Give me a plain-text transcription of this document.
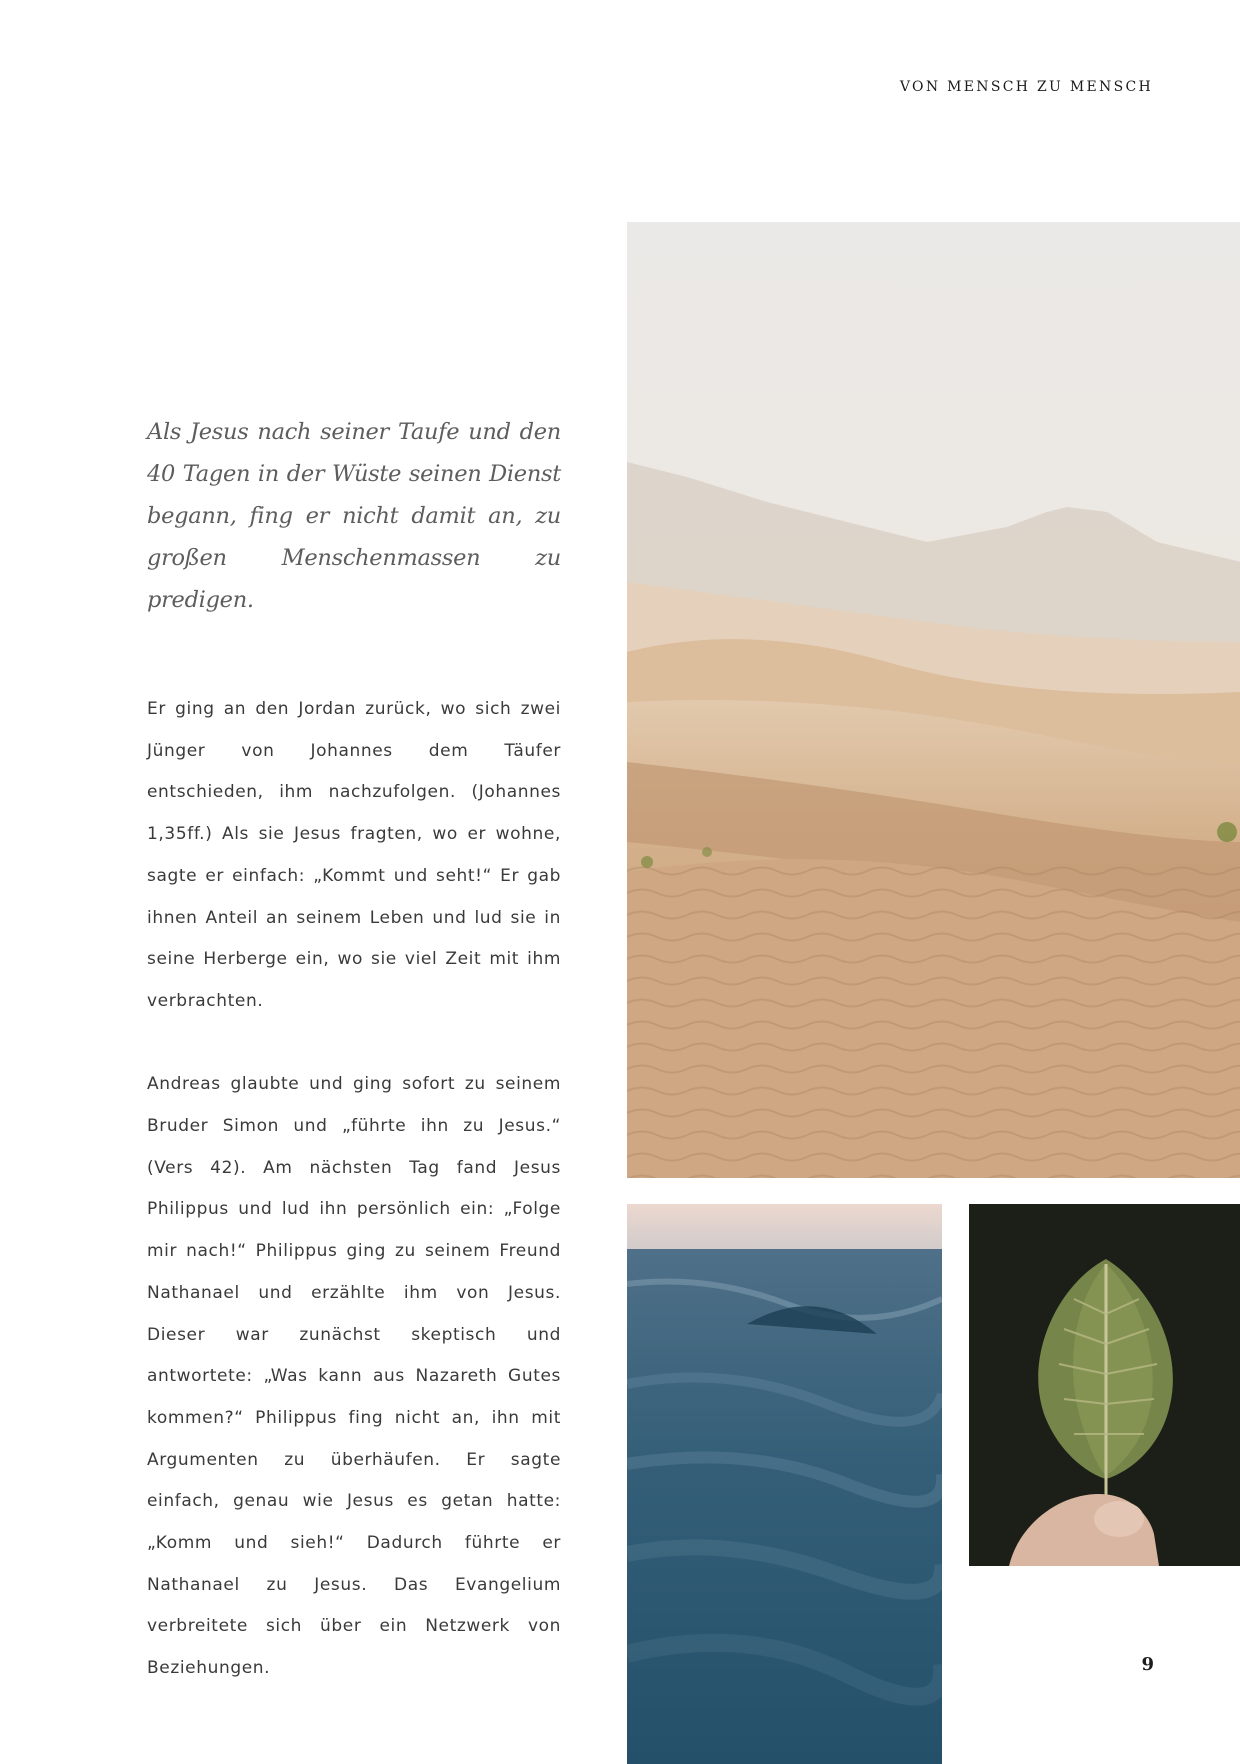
VON MENSCH ZU MENSCH

Als Jesus nach seiner Taufe und den 40 Tagen in der Wüste seinen Dienst begann, fing er nicht damit an, zu großen Menschenmassen zu predigen.

Er ging an den Jordan zurück, wo sich zwei Jünger von Johannes dem Täufer entschieden, ihm nachzufolgen. (Johannes 1,35ff.) Als sie Jesus fragten, wo er wohne, sagte er einfach: „Kommt und seht!“ Er gab ihnen Anteil an seinem Leben und lud sie in seine Herberge ein, wo sie viel Zeit mit ihm verbrachten.

Andreas glaubte und ging sofort zu seinem Bruder Simon und „führte ihn zu Jesus.“ (Vers 42). Am nächsten Tag fand Jesus Philippus und lud ihn persönlich ein: „Folge mir nach!“ Philippus ging zu seinem Freund Nathanael und erzählte ihm von Jesus. Dieser war zunächst skeptisch und antwortete: „Was kann aus Nazareth Gutes kommen?“ Philippus fing nicht an, ihn mit Argumenten zu überhäufen. Er sagte einfach, genau wie Jesus es getan hatte: „Komm und sieh!“ Dadurch führte er Nathanael zu Jesus. Das Evangelium verbreitete sich über ein Netzwerk von Beziehungen.	9
